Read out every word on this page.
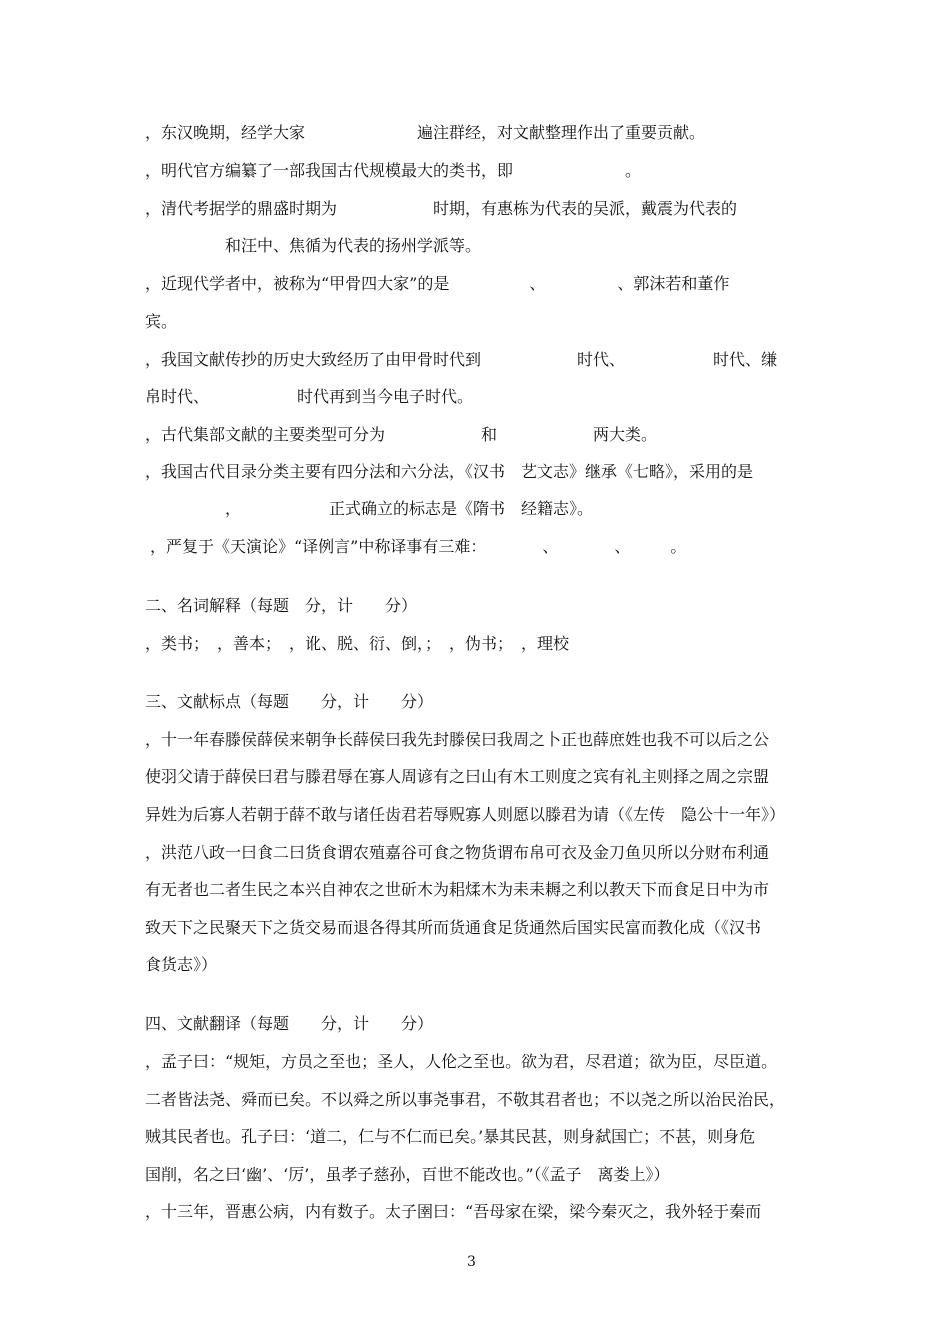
，东汉晚期，经学大家　　　　　　　遍注群经，对文献整理作出了重要贡献。

，明代官方编纂了一部我国古代规模最大的类书，即　　　　　　　。

，清代考据学的鼎盛时期为　　　　　　时期，有惠栋为代表的吴派，戴震为代表的

　　　　　和汪中、焦循为代表的扬州学派等。

，近现代学者中，被称为“甲骨四大家”的是　　　　　、　　　　　、郭沫若和董作

宾。

，我国文献传抄的历史大致经历了由甲骨时代到　　　　　　时代、　　　　　　时代、缣

帛时代、　　　　　　时代再到当今电子时代。

，古代集部文献的主要类型可分为　　　　　　和　　　　　　两大类。

，我国古代目录分类主要有四分法和六分法，《汉书　艺文志》继承《七略》，采用的是

　　　　　，　　　　　　正式确立的标志是《隋书　经籍志》。

，严复于《天演论》“译例言”中称译事有三难：　　　　、　　　　、　　　。

二、名词解释（每题　分，计　　分）

，类书；　，善本；　，讹、脱、衍、倒，；　，伪书；　，理校

三、文献标点（每题　　分，计　　分）

，十一年春滕侯薛侯来朝争长薛侯曰我先封滕侯曰我周之卜正也薛庶姓也我不可以后之公

使羽父请于薛侯曰君与滕君辱在寡人周谚有之曰山有木工则度之宾有礼主则择之周之宗盟

异姓为后寡人若朝于薛不敢与诸任齿君若辱贶寡人则愿以滕君为请（《左传　隐公十一年》）

，洪范八政一曰食二曰货食谓农殖嘉谷可食之物货谓布帛可衣及金刀鱼贝所以分财布利通

有无者也二者生民之本兴自神农之世斫木为耜煣木为耒耒耨之利以教天下而食足日中为市

致天下之民聚天下之货交易而退各得其所而货通食足货通然后国实民富而教化成（《汉书

食货志》）

四、文献翻译（每题　　分，计　　分）

，孟子曰：“规矩，方员之至也；圣人，人伦之至也。欲为君，尽君道；欲为臣，尽臣道。

二者皆法尧、舜而已矣。不以舜之所以事尧事君，不敬其君者也；不以尧之所以治民治民，

贼其民者也。孔子曰：‘道二，仁与不仁而已矣。’暴其民甚，则身弑国亡；不甚，则身危

国削，名之曰‘幽’、‘厉’，虽孝子慈孙，百世不能改也。”（《孟子　离娄上》）

，十三年，晋惠公病，内有数子。太子圉曰：“吾母家在梁，梁今秦灭之，我外轻于秦而

3
